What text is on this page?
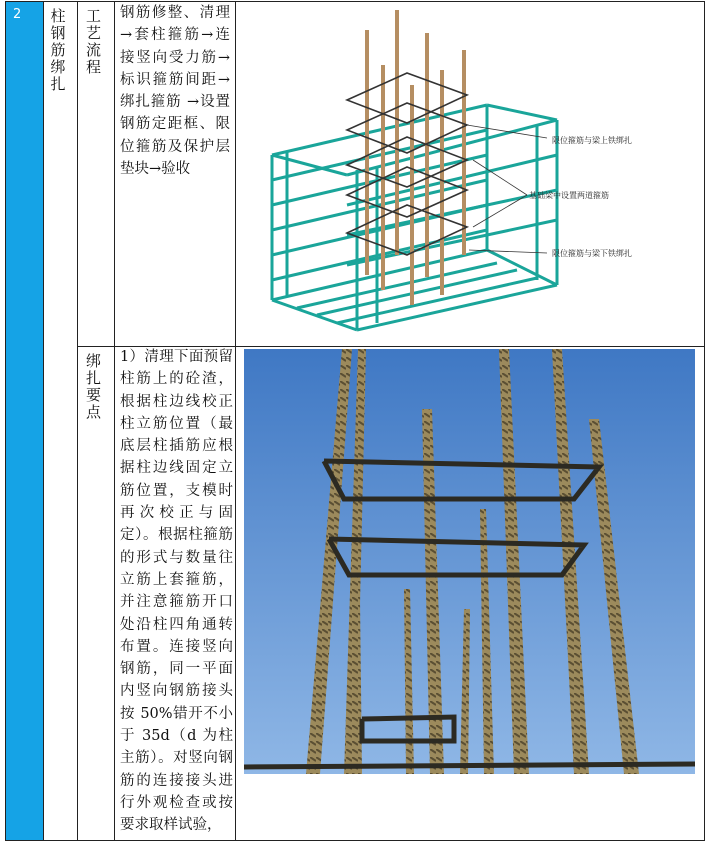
2	柱钢筋绑扎 工艺流程
绑扎要点
钢筋修整、清理→套柱箍筋→连接竖向受力筋→标识箍筋间距→绑扎箍筋 →设置钢筋定距框、限位箍筋及保护层垫块→验收
1）清理下面预留柱筋上的砼渣，根据柱边线校正柱立筋位置（最底层柱插筋应根据柱边线固定立筋位置，支模时再次校正与固定）。根据柱箍筋的形式与数量往立筋上套箍筋，并注意箍筋开口处沿柱四角通转布置。连接竖向钢筋，同一平面内竖向钢筋接头按 50%错开不小于 35d（d 为柱主筋）。对竖向钢筋的连接接头进行外观检查或按要求取样试验，
限位箍筋与梁上铁绑扎
基础梁中设置两道箍筋
限位箍筋与梁下铁绑扎
